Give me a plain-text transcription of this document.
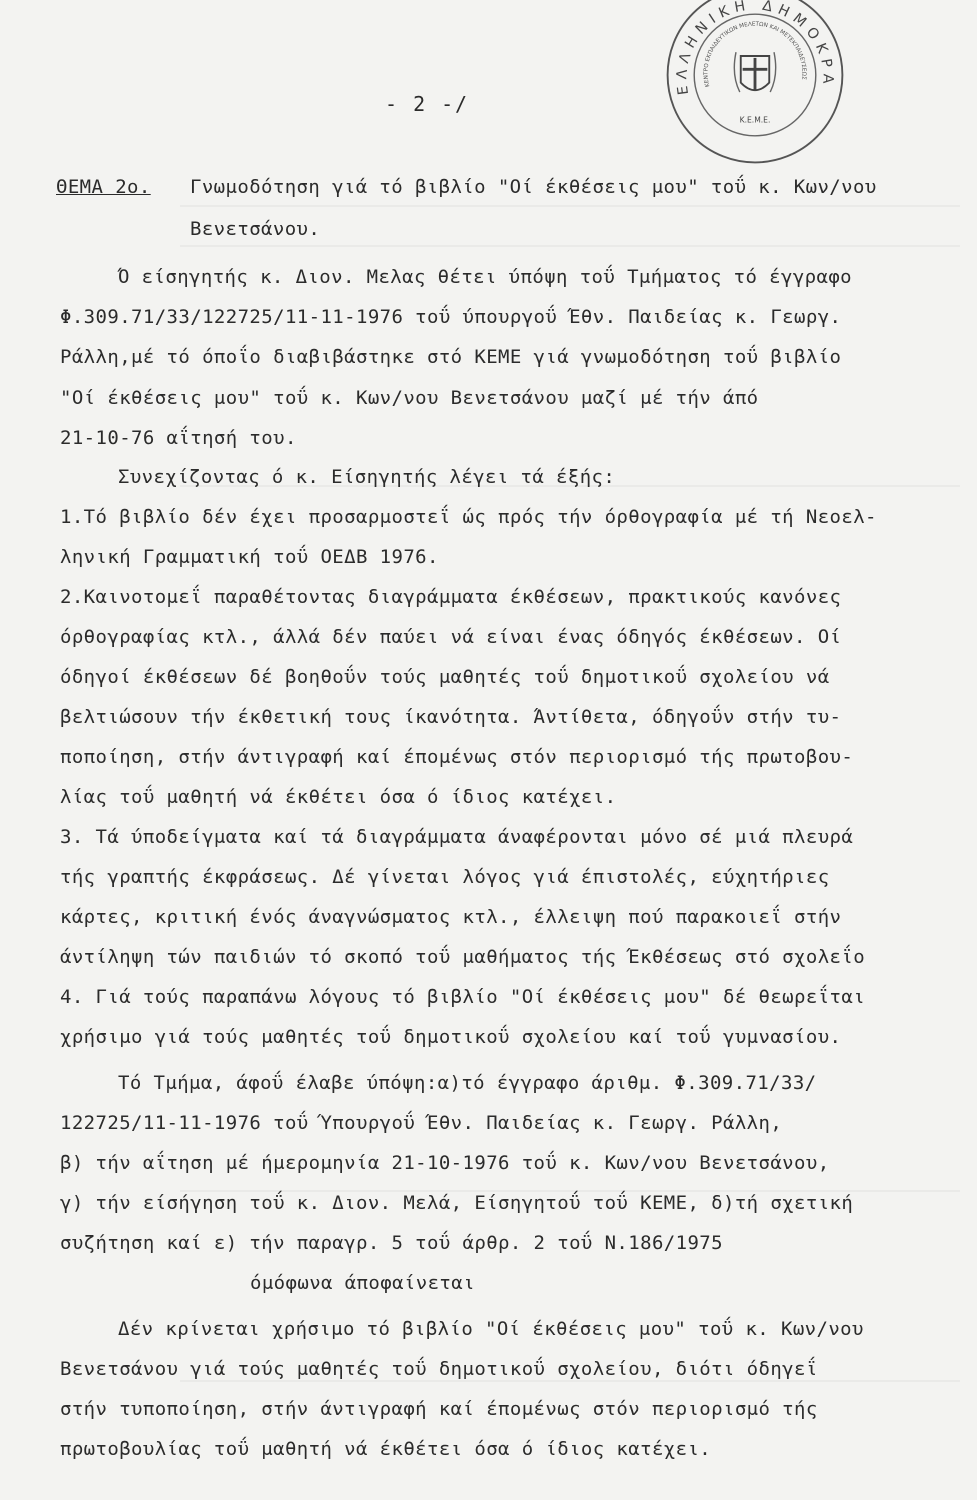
ΕΛΛΗΝΙΚΗ ΔΗΜΟΚΡΑ
ΚΕΝΤΡΟ ΕΚΠΑΙΔΕΥΤΙΚΩΝ ΜΕΛΕΤΩΝ ΚΑΙ ΜΕΤΕΚΠΑΙΔΕΥΣΕΩΣ
Κ.Ε.Μ.Ε.
- 2 - /
ΘΕΜΑ 2ο. Γνωμοδότηση γιά τό βιβλίο "Οί έκθέσεις μου" τοΰ κ. Κων/νου
Βενετσάνου.
Ό είσηγητής κ. Διον. Μελας θέτει ύπόψη τοΰ Τμήματος τό έγγραφο
Φ.309.71/33/122725/11-11-1976 τοΰ ύπουργοΰ Έθν. Παιδείας κ. Γεωργ.
Ράλλη,μέ τό όποΐο διαβιβάστηκε στό ΚΕΜΕ γιά γνωμοδότηση τοΰ βιβλίο
"Οί έκθέσεις μου" τοΰ κ. Κων/νου Βενετσάνου μαζί μέ τήν άπό
21-10-76 αΐτησή του.
Συνεχίζοντας ό κ. Είσηγητής λέγει τά έξής:
1.Τό βιβλίο δέν έχει προσαρμοστεΐ ώς πρός τήν όρθογραφία μέ τή Νεοελ-
ληνική Γραμματική τοΰ ΟΕΔΒ 1976.
2.Καινοτομεΐ παραθέτοντας διαγράμματα έκθέσεων, πρακτικούς κανόνες
όρθογραφίας κτλ., άλλά δέν παύει νά είναι ένας όδηγός έκθέσεων. Οί
όδηγοί έκθέσεων δέ βοηθοΰν τούς μαθητές τοΰ δημοτικοΰ σχολείου νά
βελτιώσουν τήν έκθετική τους ίκανότητα. Άντίθετα, όδηγοΰν στήν τυ-
ποποίηση, στήν άντιγραφή καί έπομένως στόν περιορισμό τής πρωτοβου-
λίας τοΰ μαθητή νά έκθέτει όσα ό ίδιος κατέχει.
3. Τά ύποδείγματα καί τά διαγράμματα άναφέρονται μόνο σέ μιά πλευρά
τής γραπτής έκφράσεως. Δέ γίνεται λόγος γιά έπιστολές, εύχητήριες
κάρτες, κριτική ένός άναγνώσματος κτλ., έλλειψη πού παρακοιεΐ στήν
άντίληψη τών παιδιών τό σκοπό τοΰ μαθήματος τής Έκθέσεως στό σχολεΐο
4. Γιά τούς παραπάνω λόγους τό βιβλίο "Οί έκθέσεις μου" δέ θεωρεΐται
χρήσιμο γιά τούς μαθητές τοΰ δημοτικοΰ σχολείου καί τοΰ γυμνασίου.
Τό Τμήμα, άφοΰ έλαβε ύπόψη:α)τό έγγραφο άριθμ. Φ.309.71/33/
122725/11-11-1976 τοΰ Ύπουργοΰ Έθν. Παιδείας κ. Γεωργ. Ράλλη,
β) τήν αΐτηση μέ ήμερομηνία 21-10-1976 τοΰ κ. Κων/νου Βενετσάνου,
γ) τήν είσήγηση τοΰ κ. Διον. Μελά, Είσηγητοΰ τοΰ ΚΕΜΕ, δ)τή σχετική
συζήτηση καί ε) τήν παραγρ. 5 τοΰ άρθρ. 2 τοΰ Ν.186/1975
όμόφωνα άποφαίνεται
Δέν κρίνεται χρήσιμο τό βιβλίο "Οί έκθέσεις μου" τοΰ κ. Κων/νου
Βενετσάνου γιά τούς μαθητές τοΰ δημοτικοΰ σχολείου, διότι όδηγεΐ
στήν τυποποίηση, στήν άντιγραφή καί έπομένως στόν περιορισμό τής
πρωτοβουλίας τοΰ μαθητή νά έκθέτει όσα ό ίδιος κατέχει.
